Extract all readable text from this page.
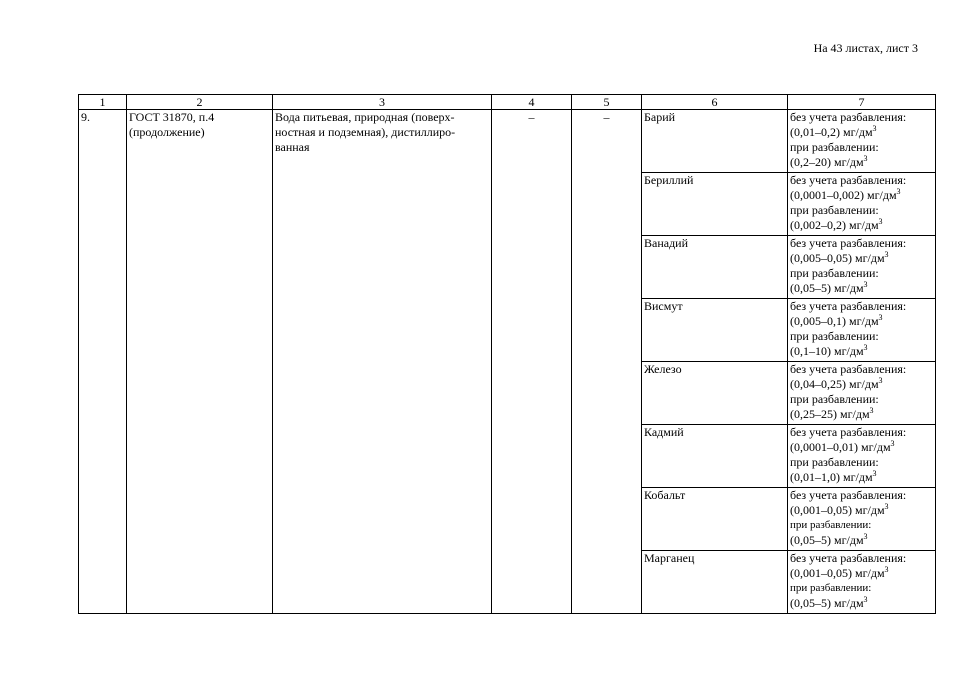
На 43 листах, лист 3
1	2	3	4	5	6	7
9.	ГОСТ 31870, п.4
(продолжение)	Вода питьевая, природная (поверх-
ностная и подземная), дистиллиро-
ванная	–	–	Барий	без учета разбавления:
(0,01–0,2) $мг/дм^3$
при разбавлении:
(0,2–20) $мг/дм^3$

					Бериллий	без учета разбавления:
(0,0001–0,002) $мг/дм^3$
при разбавлении:
(0,002–0,2) $мг/дм^3$

					Ванадий	без учета разбавления:
(0,005–0,05) $мг/дм^3$
при разбавлении:
(0,05–5) $мг/дм^3$

					Висмут	без учета разбавления:
(0,005–0,1) $мг/дм^3$
при разбавлении:
(0,1–10) $мг/дм^3$

					Железо	без учета разбавления:
(0,04–0,25) $мг/дм^3$
при разбавлении:
(0,25–25) $мг/дм^3$

					Кадмий	без учета разбавления:
(0,0001–0,01) $мг/дм^3$
при разбавлении:
(0,01–1,0) $мг/дм^3$

					Кобальт	без учета разбавления:
(0,001–0,05) $мг/дм^3$
при разбавлении:
(0,05–5) $мг/дм^3$

					Марганец	без учета разбавления:
(0,001–0,05) $мг/дм^3$
при разбавлении:
(0,05–5) $мг/дм^3$
